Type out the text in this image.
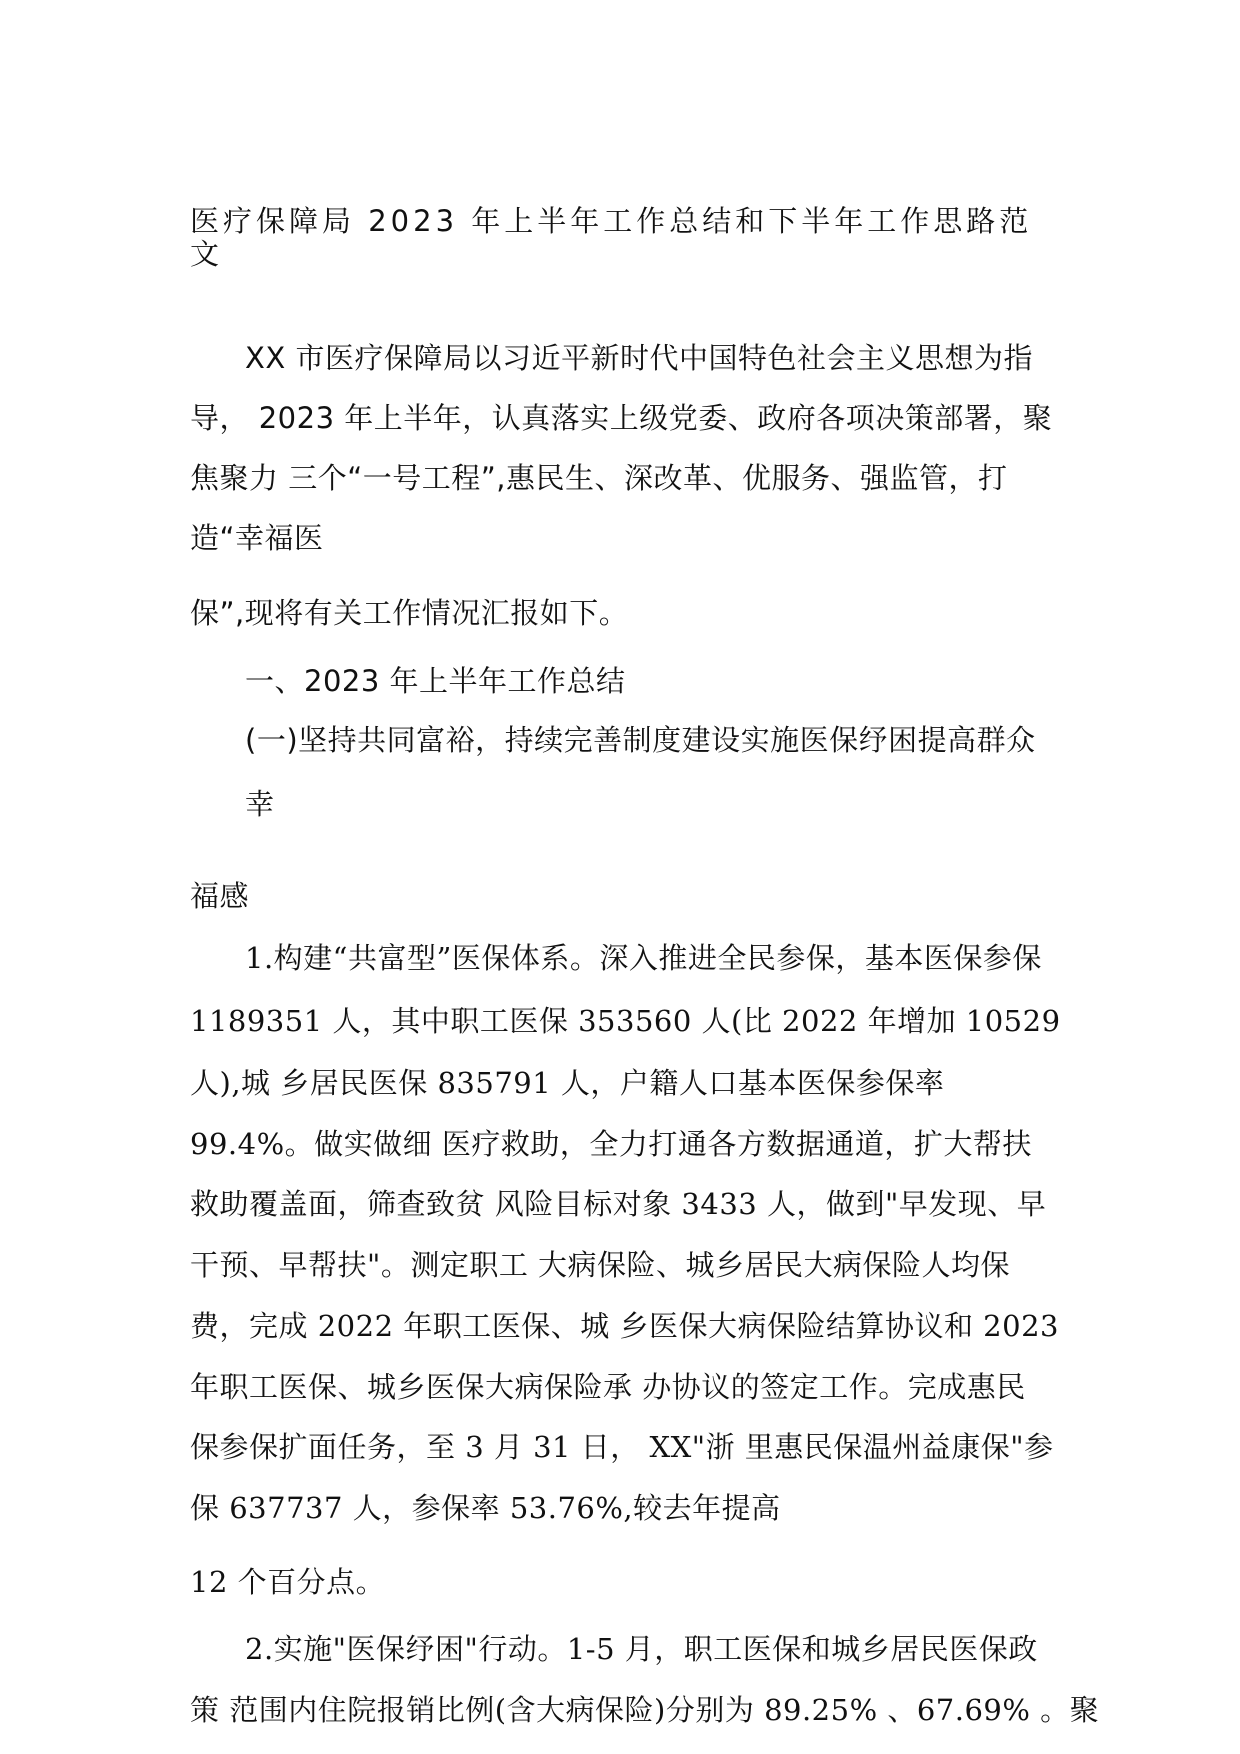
医疗保障局 2023 年上半年工作总结和下半年工作思路范
文
XX 市医疗保障局以习近平新时代中国特色社会主义思想为指
导， 2023 年上半年，认真落实上级党委、政府各项决策部署，聚
焦聚力 三个“一号工程”,惠民生、深改革、优服务、强监管，打
造“幸福医
保”,现将有关工作情况汇报如下。
一、2023 年上半年工作总结
(一)坚持共同富裕，持续完善制度建设实施医保纾困提高群众
幸
福感
1.构建“共富型”医保体系。深入推进全民参保，基本医保参保
1189351 人，其中职工医保 353560 人(比 2022 年增加 10529
人),城 乡居民医保 835791 人，户籍人口基本医保参保率
99.4%。做实做细 医疗救助，全力打通各方数据通道，扩大帮扶
救助覆盖面，筛查致贫 风险目标对象 3433 人，做到"早发现、早
干预、早帮扶"。测定职工 大病保险、城乡居民大病保险人均保
费，完成 2022 年职工医保、城 乡医保大病保险结算协议和 2023
年职工医保、城乡医保大病保险承 办协议的签定工作。完成惠民
保参保扩面任务，至 3 月 31 日， XX"浙 里惠民保温州益康保"参
保 637737 人，参保率 53.76%,较去年提高
12 个百分点。
2.实施"医保纾困"行动。1-5 月，职工医保和城乡居民医保政
策 范围内住院报销比例(含大病保险)分别为 89.25% 、67.69% 。聚
